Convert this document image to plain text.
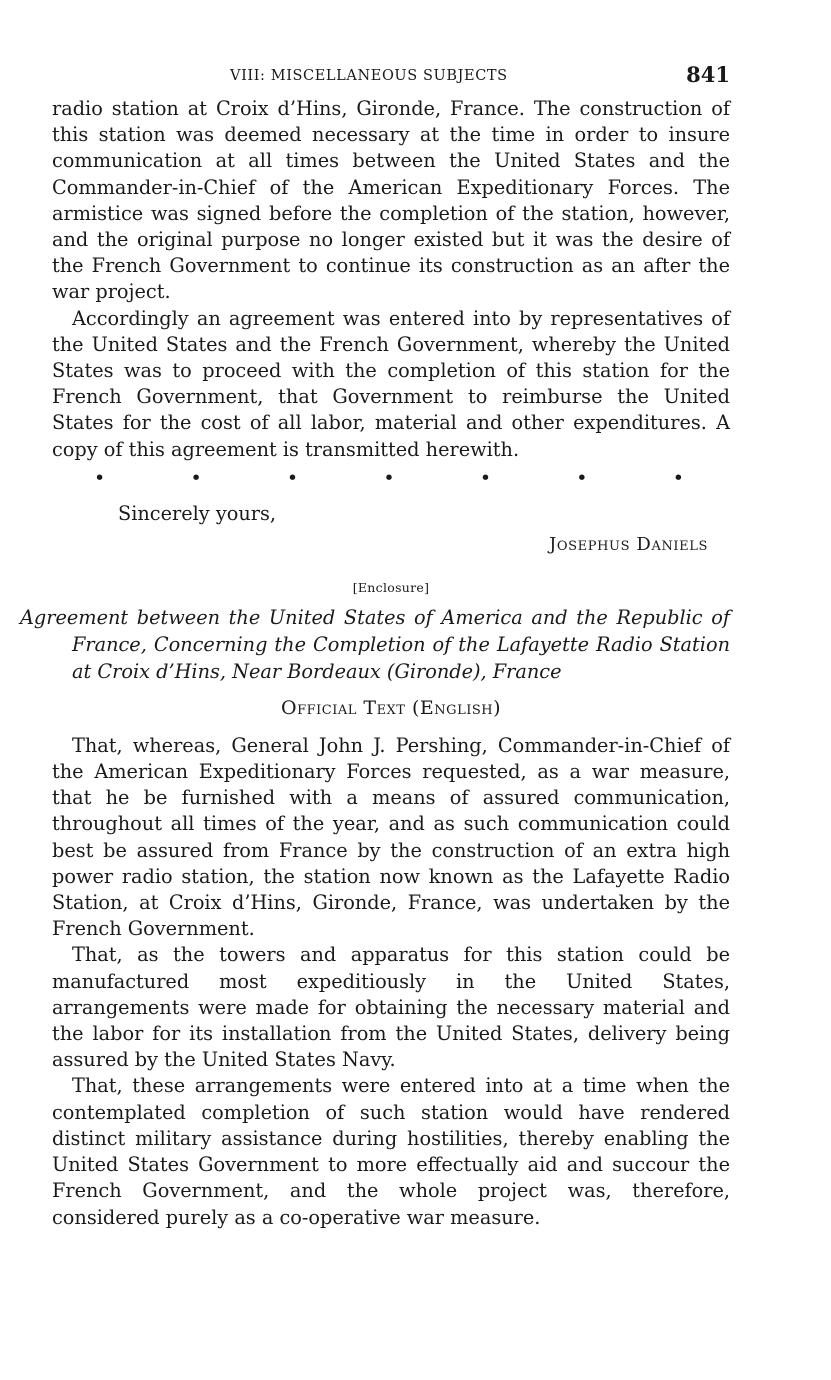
VIII: MISCELLANEOUS SUBJECTS	841

radio station at Croix d’Hins, Gironde, France. The construction of this station was deemed necessary at the time in order to insure communication at all times between the United States and the Commander-in-Chief of the American Expeditionary Forces. The armistice was signed before the completion of the station, however, and the original purpose no longer existed but it was the desire of the French Government to continue its construction as an after the war project.

Accordingly an agreement was entered into by representatives of the United States and the French Government, whereby the United States was to proceed with the completion of this station for the French Government, that Government to reimburse the United States for the cost of all labor, material and other expenditures. A copy of this agreement is transmitted herewith.

•	•	•	•	•	•	•
Sincerely yours,
Josephus Daniels
[Enclosure]
Agreement between the United States of America and the Republic of France, Concerning the Completion of the Lafayette Radio Station at Croix d’Hins, Near Bordeaux (Gironde), France
Official Text (English)

That, whereas, General John J. Pershing, Commander-in-Chief of the American Expeditionary Forces requested, as a war measure, that he be furnished with a means of assured communication, throughout all times of the year, and as such communication could best be assured from France by the construction of an extra high power radio station, the station now known as the Lafayette Radio Station, at Croix d’Hins, Gironde, France, was undertaken by the French Government.

That, as the towers and apparatus for this station could be manufactured most expeditiously in the United States, arrangements were made for obtaining the necessary material and the labor for its installation from the United States, delivery being assured by the United States Navy.

That, these arrangements were entered into at a time when the contemplated completion of such station would have rendered distinct military assistance during hostilities, thereby enabling the United States Government to more effectually aid and succour the French Government, and the whole project was, therefore, considered purely as a co-operative war measure.
